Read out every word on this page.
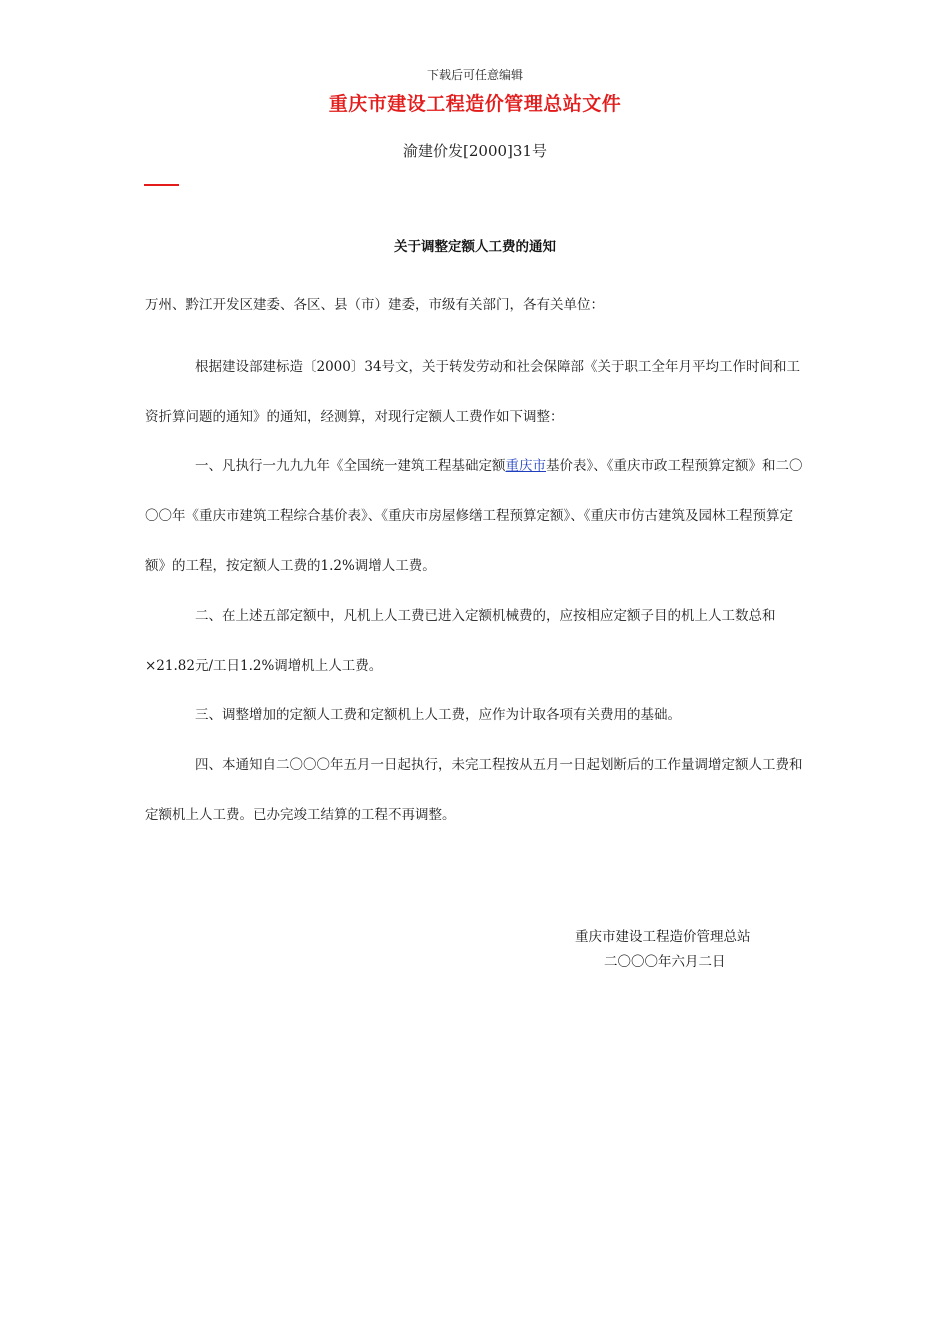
下载后可任意编辑
重庆市建设工程造价管理总站文件
渝建价发[2000]31号
关于调整定额人工费的通知
万州、黔江开发区建委、各区、县（市）建委，市级有关部门，各有关单位：
根据建设部建标造〔2000〕34号文，关于转发劳动和社会保障部《关于职工全年月平均工作时间和工资折算问题的通知》的通知，经测算，对现行定额人工费作如下调整：
一、凡执行一九九九年《全国统一建筑工程基础定额重庆市基价表》、《重庆市政工程预算定额》和二〇〇〇年《重庆市建筑工程综合基价表》、《重庆市房屋修缮工程预算定额》、《重庆市仿古建筑及园林工程预算定额》的工程，按定额人工费的1.2%调增人工费。
二、在上述五部定额中，凡机上人工费已进入定额机械费的，应按相应定额子目的机上人工数总和×21.82元/工日1.2%调增机上人工费。
三、调整增加的定额人工费和定额机上人工费，应作为计取各项有关费用的基础。
四、本通知自二〇〇〇年五月一日起执行，未完工程按从五月一日起划断后的工作量调增定额人工费和定额机上人工费。已办完竣工结算的工程不再调整。
重庆市建设工程造价管理总站
二〇〇〇年六月二日
